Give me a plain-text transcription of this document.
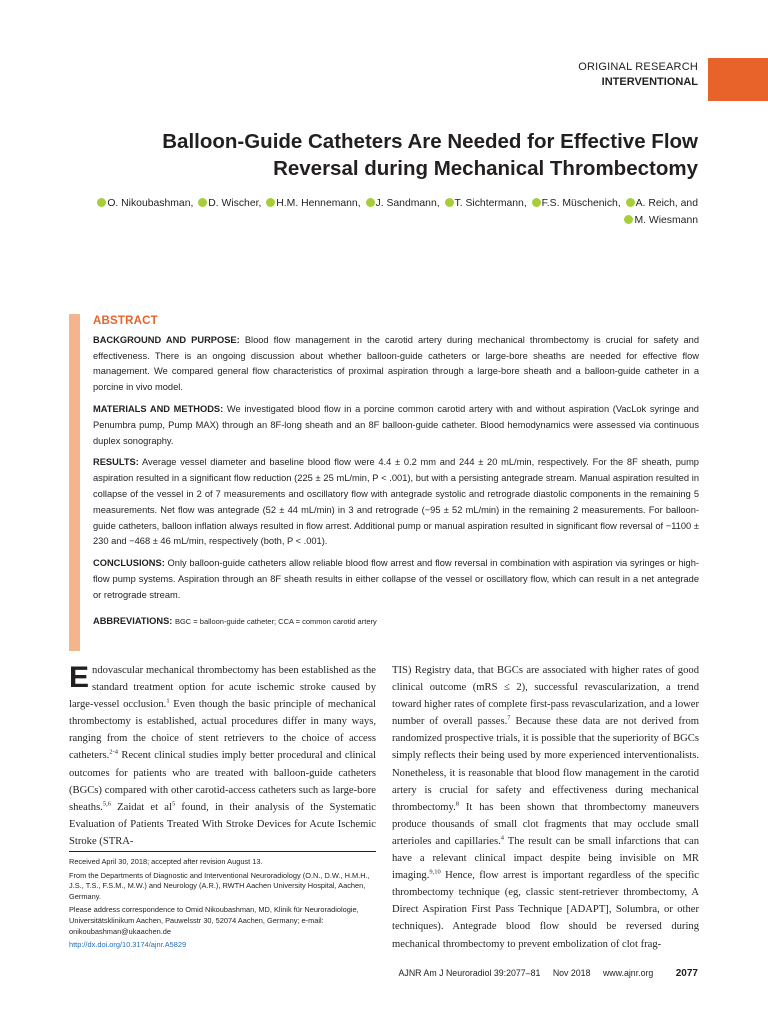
ORIGINAL RESEARCH
INTERVENTIONAL
Balloon-Guide Catheters Are Needed for Effective Flow
Reversal during Mechanical Thrombectomy
O. Nikoubashman, D. Wischer, H.M. Hennemann, J. Sandmann, T. Sichtermann, F.S. Müschenich, A. Reich, and
M. Wiesmann
ABSTRACT

BACKGROUND AND PURPOSE: Blood flow management in the carotid artery during mechanical thrombectomy is crucial for safety and effectiveness. There is an ongoing discussion about whether balloon-guide catheters or large-bore sheaths are needed for effective flow management. We compared general flow characteristics of proximal aspiration through a large-bore sheath and a balloon-guide catheter in a porcine in vivo model.

MATERIALS AND METHODS: We investigated blood flow in a porcine common carotid artery with and without aspiration (VacLok syringe and Penumbra pump, Pump MAX) through an 8F-long sheath and an 8F balloon-guide catheter. Blood hemodynamics were assessed via continuous duplex sonography.

RESULTS: Average vessel diameter and baseline blood flow were 4.4 ± 0.2 mm and 244 ± 20 mL/min, respectively. For the 8F sheath, pump aspiration resulted in a significant flow reduction (225 ± 25 mL/min, P < .001), but with a persisting antegrade stream. Manual aspiration resulted in collapse of the vessel in 2 of 7 measurements and oscillatory flow with antegrade systolic and retrograde diastolic components in the remaining 5 measurements. Net flow was antegrade (52 ± 44 mL/min) in 3 and retrograde (−95 ± 52 mL/min) in the remaining 2 measurements. For balloon-guide catheters, balloon inflation always resulted in flow arrest. Additional pump or manual aspiration resulted in significant flow reversal of −1100 ± 230 and −468 ± 46 mL/min, respectively (both, P < .001).

CONCLUSIONS: Only balloon-guide catheters allow reliable blood flow arrest and flow reversal in combination with aspiration via syringes or high-flow pump systems. Aspiration through an 8F sheath results in either collapse of the vessel or oscillatory flow, which can result in a net antegrade or retrograde stream.

ABBREVIATIONS: BGC = balloon-guide catheter; CCA = common carotid artery

Endovascular mechanical thrombectomy has been established as the standard treatment option for acute ischemic stroke caused by large-vessel occlusion.$^1$ Even though the basic principle of mechanical thrombectomy is established, actual procedures differ in many ways, ranging from the choice of stent retrievers to the choice of access catheters.$^{2-4}$ Recent clinical studies imply better procedural and clinical outcomes for patients who are treated with balloon-guide catheters (BGCs) compared with other carotid-access catheters such as large-bore sheaths.$^{5,6}$ Zaidat et $al^5$ found, in their analysis of the Systematic Evaluation of Patients Treated With Stroke Devices for Acute Ischemic Stroke (STRA-

TIS) Registry data, that BGCs are associated with higher rates of good clinical outcome (mRS ≤ 2), successful revascularization, a trend toward higher rates of complete first-pass revascularization, and a lower number of overall passes.$^7$ Because these data are not derived from randomized prospective trials, it is possible that the superiority of BGCs simply reflects their being used by more experienced interventionalists. Nonetheless, it is reasonable that blood flow management in the carotid artery is crucial for safety and effectiveness during mechanical thrombectomy.$^8$ It has been shown that thrombectomy maneuvers produce thousands of small clot fragments that may occlude small arterioles and capillaries.$^4$ The result can be small infarctions that can have a relevant clinical impact despite being invisible on MR imaging.$^{9,10}$ Hence, flow arrest is important regardless of the specific thrombectomy technique (eg, classic stent-retriever thrombectomy, A Direct Aspiration First Pass Technique [ADAPT], Solumbra, or other techniques). Antegrade blood flow should be reversed during mechanical thrombectomy to prevent embolization of clot frag-

Received April 30, 2018; accepted after revision August 13.

From the Departments of Diagnostic and Interventional Neuroradiology (O.N., D.W., H.M.H., J.S., T.S., F.S.M., M.W.) and Neurology (A.R.), RWTH Aachen University Hospital, Aachen, Germany.

Please address correspondence to Omid Nikoubashman, MD, Klinik für Neuroradiologie, Universitätsklinikum Aachen, Pauwelsstr 30, 52074 Aachen, Germany; e-mail: onikoubashman@ukaachen.de

http://dx.doi.org/10.3174/ajnr.A5829

AJNR Am J Neuroradiol 39:2077–81 Nov 2018 www.ajnr.org 2077
